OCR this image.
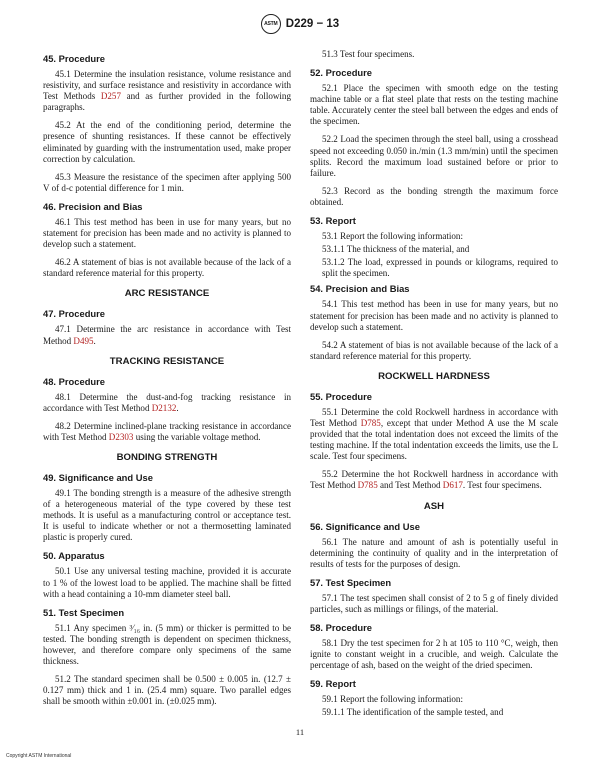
ASTM D229 − 13
45. Procedure

45.1 Determine the insulation resistance, volume resistance and resistivity, and surface resistance and resistivity in accordance with Test Methods D257 and as further provided in the following paragraphs.

45.2 At the end of the conditioning period, determine the presence of shunting resistances. If these cannot be effectively eliminated by guarding with the instrumentation used, make proper correction by calculation.

45.3 Measure the resistance of the specimen after applying 500 V of d-c potential difference for 1 min.

46. Precision and Bias

46.1 This test method has been in use for many years, but no statement for precision has been made and no activity is planned to develop such a statement.

46.2 A statement of bias is not available because of the lack of a standard reference material for this property.

ARC RESISTANCE
47. Procedure

47.1 Determine the arc resistance in accordance with Test Method D495.

TRACKING RESISTANCE
48. Procedure

48.1 Determine the dust-and-fog tracking resistance in accordance with Test Method D2132.

48.2 Determine inclined-plane tracking resistance in accordance with Test Method D2303 using the variable voltage method.

BONDING STRENGTH
49. Significance and Use

49.1 The bonding strength is a measure of the adhesive strength of a heterogeneous material of the type covered by these test methods. It is useful as a manufacturing control or acceptance test. It is useful to indicate whether or not a thermosetting laminated plastic is properly cured.

50. Apparatus

50.1 Use any universal testing machine, provided it is accurate to 1 % of the lowest load to be applied. The machine shall be fitted with a head containing a 10-mm diameter steel ball.

51. Test Specimen

51.1 Any specimen ³⁄₁₆ in. (5 mm) or thicker is permitted to be tested. The bonding strength is dependent on specimen thickness, however, and therefore compare only specimens of the same thickness.

51.2 The standard specimen shall be 0.500 ± 0.005 in. (12.7 ± 0.127 mm) thick and 1 in. (25.4 mm) square. Two parallel edges shall be smooth within ±0.001 in. (±0.025 mm).

51.3 Test four specimens.

52. Procedure

52.1 Place the specimen with smooth edge on the testing machine table or a flat steel plate that rests on the testing machine table. Accurately center the steel ball between the edges and ends of the specimen.

52.2 Load the specimen through the steel ball, using a crosshead speed not exceeding 0.050 in./min (1.3 mm/min) until the specimen splits. Record the maximum load sustained before or prior to failure.

52.3 Record as the bonding strength the maximum force obtained.

53. Report

53.1 Report the following information:

53.1.1 The thickness of the material, and

53.1.2 The load, expressed in pounds or kilograms, required to split the specimen.

54. Precision and Bias

54.1 This test method has been in use for many years, but no statement for precision has been made and no activity is planned to develop such a statement.

54.2 A statement of bias is not available because of the lack of a standard reference material for this property.

ROCKWELL HARDNESS
55. Procedure

55.1 Determine the cold Rockwell hardness in accordance with Test Method D785, except that under Method A use the M scale provided that the total indentation does not exceed the limits of the testing machine. If the total indentation exceeds the limits, use the L scale. Test four specimens.

55.2 Determine the hot Rockwell hardness in accordance with Test Method D785 and Test Method D617. Test four specimens.

ASH
56. Significance and Use

56.1 The nature and amount of ash is potentially useful in determining the continuity of quality and in the interpretation of results of tests for the purposes of design.

57. Test Specimen

57.1 The test specimen shall consist of 2 to 5 g of finely divided particles, such as millings or filings, of the material.

58. Procedure

58.1 Dry the test specimen for 2 h at 105 to 110 °C, weigh, then ignite to constant weight in a crucible, and weigh. Calculate the percentage of ash, based on the weight of the dried specimen.

59. Report

59.1 Report the following information:

59.1.1 The identification of the sample tested, and

11
Copyright ASTM International
